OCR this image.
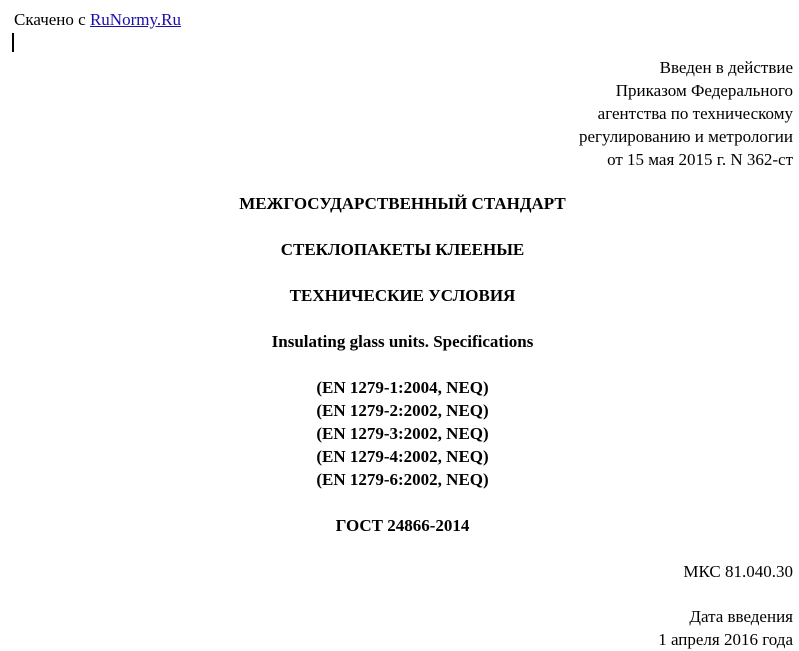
Скачено с RuNormy.Ru
Введен в действие
Приказом Федерального
агентства по техническому
регулированию и метрологии
от 15 мая 2015 г. N 362-ст
МЕЖГОСУДАРСТВЕННЫЙ СТАНДАРТ
СТЕКЛОПАКЕТЫ КЛЕЕНЫЕ
ТЕХНИЧЕСКИЕ УСЛОВИЯ
Insulating glass units. Specifications
(EN 1279-1:2004, NEQ)
(EN 1279-2:2002, NEQ)
(EN 1279-3:2002, NEQ)
(EN 1279-4:2002, NEQ)
(EN 1279-6:2002, NEQ)
ГОСТ 24866-2014
МКС 81.040.30
Дата введения
1 апреля 2016 года
